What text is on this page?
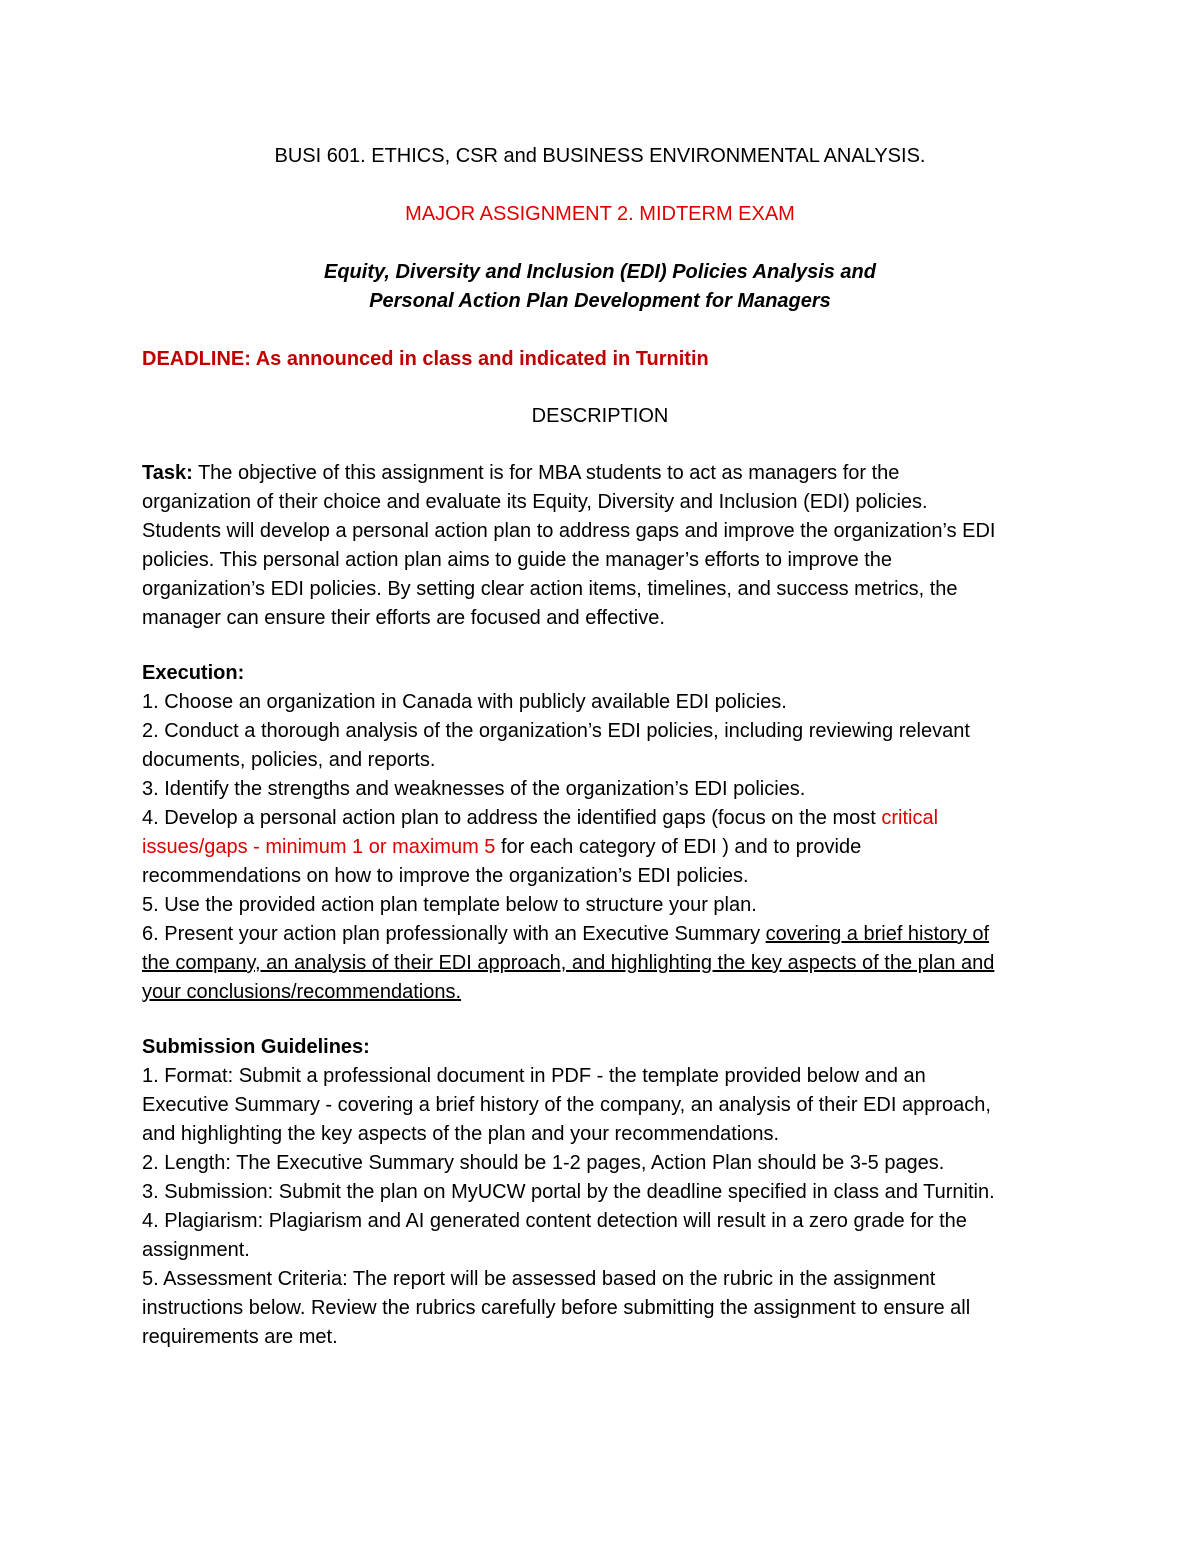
BUSI 601. ETHICS, CSR and BUSINESS ENVIRONMENTAL ANALYSIS.
MAJOR ASSIGNMENT 2. MIDTERM EXAM
Equity, Diversity and Inclusion (EDI) Policies Analysis and
Personal Action Plan Development for Managers
DEADLINE: As announced in class and indicated in Turnitin
DESCRIPTION
Task: The objective of this assignment is for MBA students to act as managers for the
organization of their choice and evaluate its Equity, Diversity and Inclusion (EDI) policies.
Students will develop a personal action plan to address gaps and improve the organization’s EDI
policies. This personal action plan aims to guide the manager’s efforts to improve the
organization’s EDI policies. By setting clear action items, timelines, and success metrics, the
manager can ensure their efforts are focused and effective.
Execution:
1. Choose an organization in Canada with publicly available EDI policies.
2. Conduct a thorough analysis of the organization’s EDI policies, including reviewing relevant
documents, policies, and reports.
3. Identify the strengths and weaknesses of the organization’s EDI policies.
4. Develop a personal action plan to address the identified gaps (focus on the most critical
issues/gaps - minimum 1 or maximum 5 for each category of EDI ) and to provide
recommendations on how to improve the organization’s EDI policies.
5. Use the provided action plan template below to structure your plan.
6. Present your action plan professionally with an Executive Summary covering a brief history of
the company, an analysis of their EDI approach, and highlighting the key aspects of the plan and
your conclusions/recommendations.
Submission Guidelines:
1. Format: Submit a professional document in PDF - the template provided below and an
Executive Summary - covering a brief history of the company, an analysis of their EDI approach,
and highlighting the key aspects of the plan and your recommendations.
2. Length: The Executive Summary should be 1-2 pages, Action Plan should be 3-5 pages.
3. Submission: Submit the plan on MyUCW portal by the deadline specified in class and Turnitin.
4. Plagiarism: Plagiarism and AI generated content detection will result in a zero grade for the
assignment.
5. Assessment Criteria: The report will be assessed based on the rubric in the assignment
instructions below. Review the rubrics carefully before submitting the assignment to ensure all
requirements are met.
